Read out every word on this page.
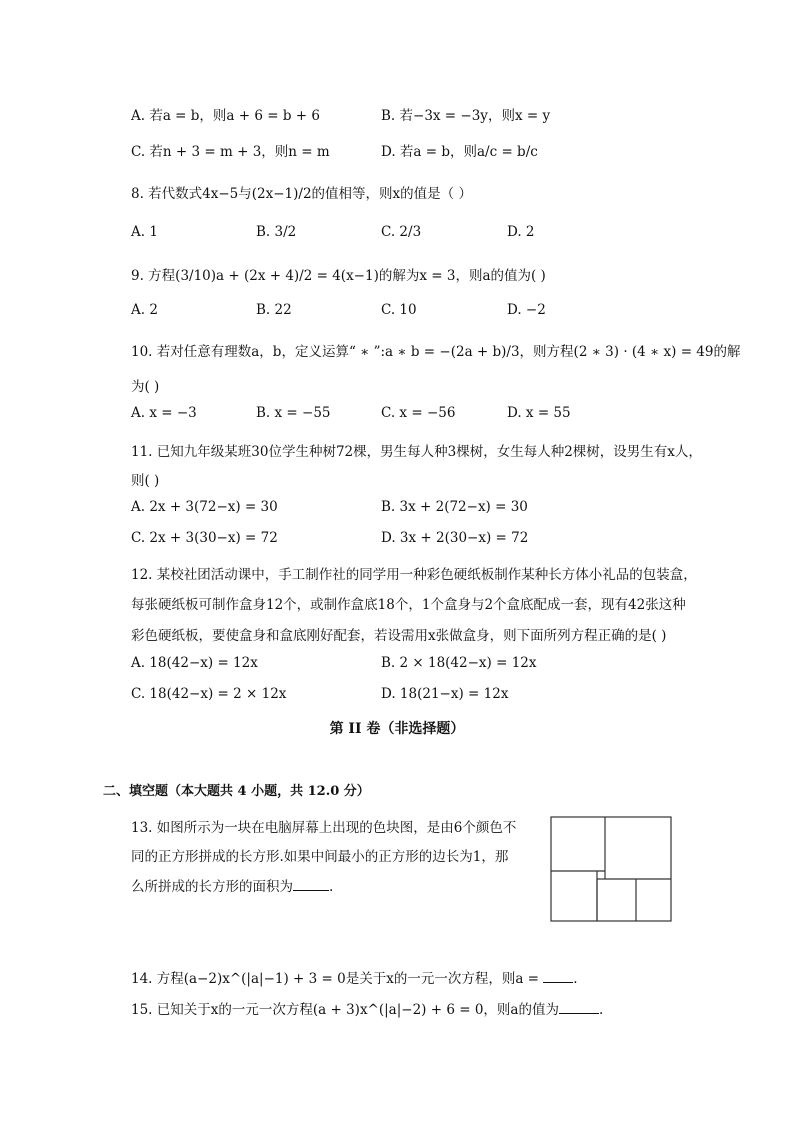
A. 若a = b，则a + 6 = b + 6	B. 若−3x = −3y，则x = y
C. 若n + 3 = m + 3，则n = m	D. 若a = b，则a/c = b/c
8. 若代数式4x−5与(2x−1)/2的值相等，则x的值是（ ）
A. 1	B. 3/2	C. 2/3	D. 2
9. 方程(3/10)a + (2x + 4)/2 = 4(x−1)的解为x = 3，则a的值为( )
A. 2	B. 22	C. 10	D. −2
10. 若对任意有理数a，b，定义运算“ ∗ ”:a ∗ b = −(2a + b)/3，则方程(2 ∗ 3) · (4 ∗ x) = 49的解
为( )
A. x = −3	B. x = −55	C. x = −56	D. x = 55
11. 已知九年级某班30位学生种树72棵，男生每人种3棵树，女生每人种2棵树，设男生有x人，
则( )
A. 2x + 3(72−x) = 30	B. 3x + 2(72−x) = 30
C. 2x + 3(30−x) = 72	D. 3x + 2(30−x) = 72
12. 某校社团活动课中，手工制作社的同学用一种彩色硬纸板制作某种长方体小礼品的包装盒，
每张硬纸板可制作盒身12个，或制作盒底18个，1个盒身与2个盒底配成一套，现有42张这种
彩色硬纸板，要使盒身和盒底刚好配套，若设需用x张做盒身，则下面所列方程正确的是( )
A. 18(42−x) = 12x	B. 2 × 18(42−x) = 12x
C. 18(42−x) = 2 × 12x	D. 18(21−x) = 12x
第 II 卷（非选择题）
二、填空题（本大题共 4 小题，共 12.0 分）
13. 如图所示为一块在电脑屏幕上出现的色块图，是由6个颜色不
同的正方形拼成的长方形.如果中间最小的正方形的边长为1，那
么所拼成的长方形的面积为	.
14. 方程(a−2)x^(|a|−1) + 3 = 0是关于x的一元一次方程，则a = .
15. 已知关于x的一元一次方程(a + 3)x^(|a|−2) + 6 = 0，则a的值为	.
